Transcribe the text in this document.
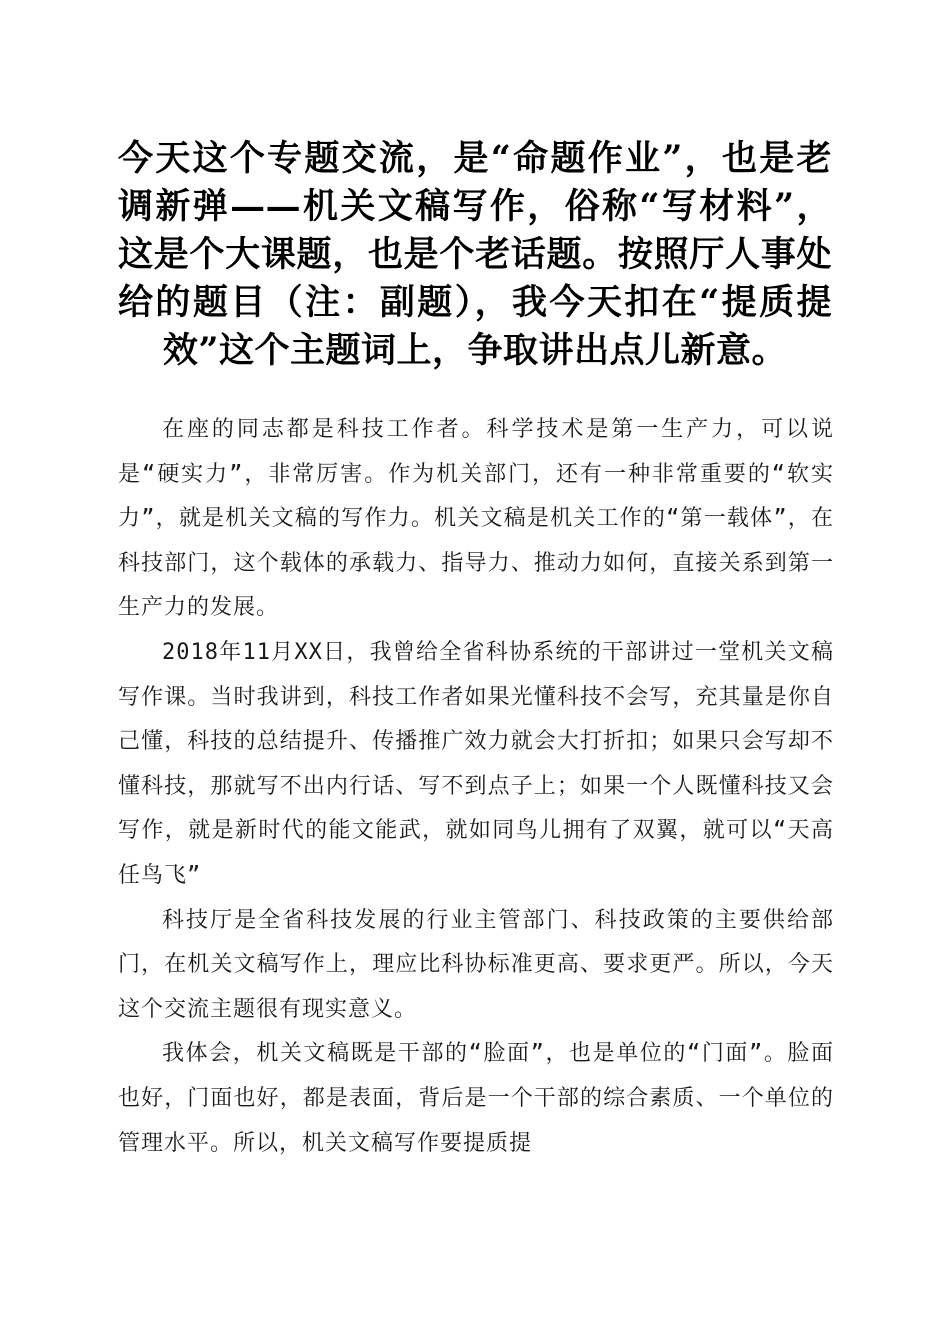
今天这个专题交流，是“命题作业”，也是老调新弹——机关文稿写作，俗称“写材料”，这是个大课题，也是个老话题。按照厅人事处给的题目（注：副题），我今天扣在“提质提效”这个主题词上，争取讲出点儿新意。

在座的同志都是科技工作者。科学技术是第一生产力，可以说是“硬实力”，非常厉害。作为机关部门，还有一种非常重要的“软实力”，就是机关文稿的写作力。机关文稿是机关工作的“第一载体”，在科技部门，这个载体的承载力、指导力、推动力如何，直接关系到第一生产力的发展。

2018年11月XX日，我曾给全省科协系统的干部讲过一堂机关文稿写作课。当时我讲到，科技工作者如果光懂科技不会写，充其量是你自己懂，科技的总结提升、传播推广效力就会大打折扣；如果只会写却不懂科技，那就写不出内行话、写不到点子上；如果一个人既懂科技又会写作，就是新时代的能文能武，就如同鸟儿拥有了双翼，就可以“天高任鸟飞”

科技厅是全省科技发展的行业主管部门、科技政策的主要供给部门，在机关文稿写作上，理应比科协标准更高、要求更严。所以，今天这个交流主题很有现实意义。

我体会，机关文稿既是干部的“脸面”，也是单位的“门面”。脸面也好，门面也好，都是表面，背后是一个干部的综合素质、一个单位的管理水平。所以，机关文稿写作要提质提
